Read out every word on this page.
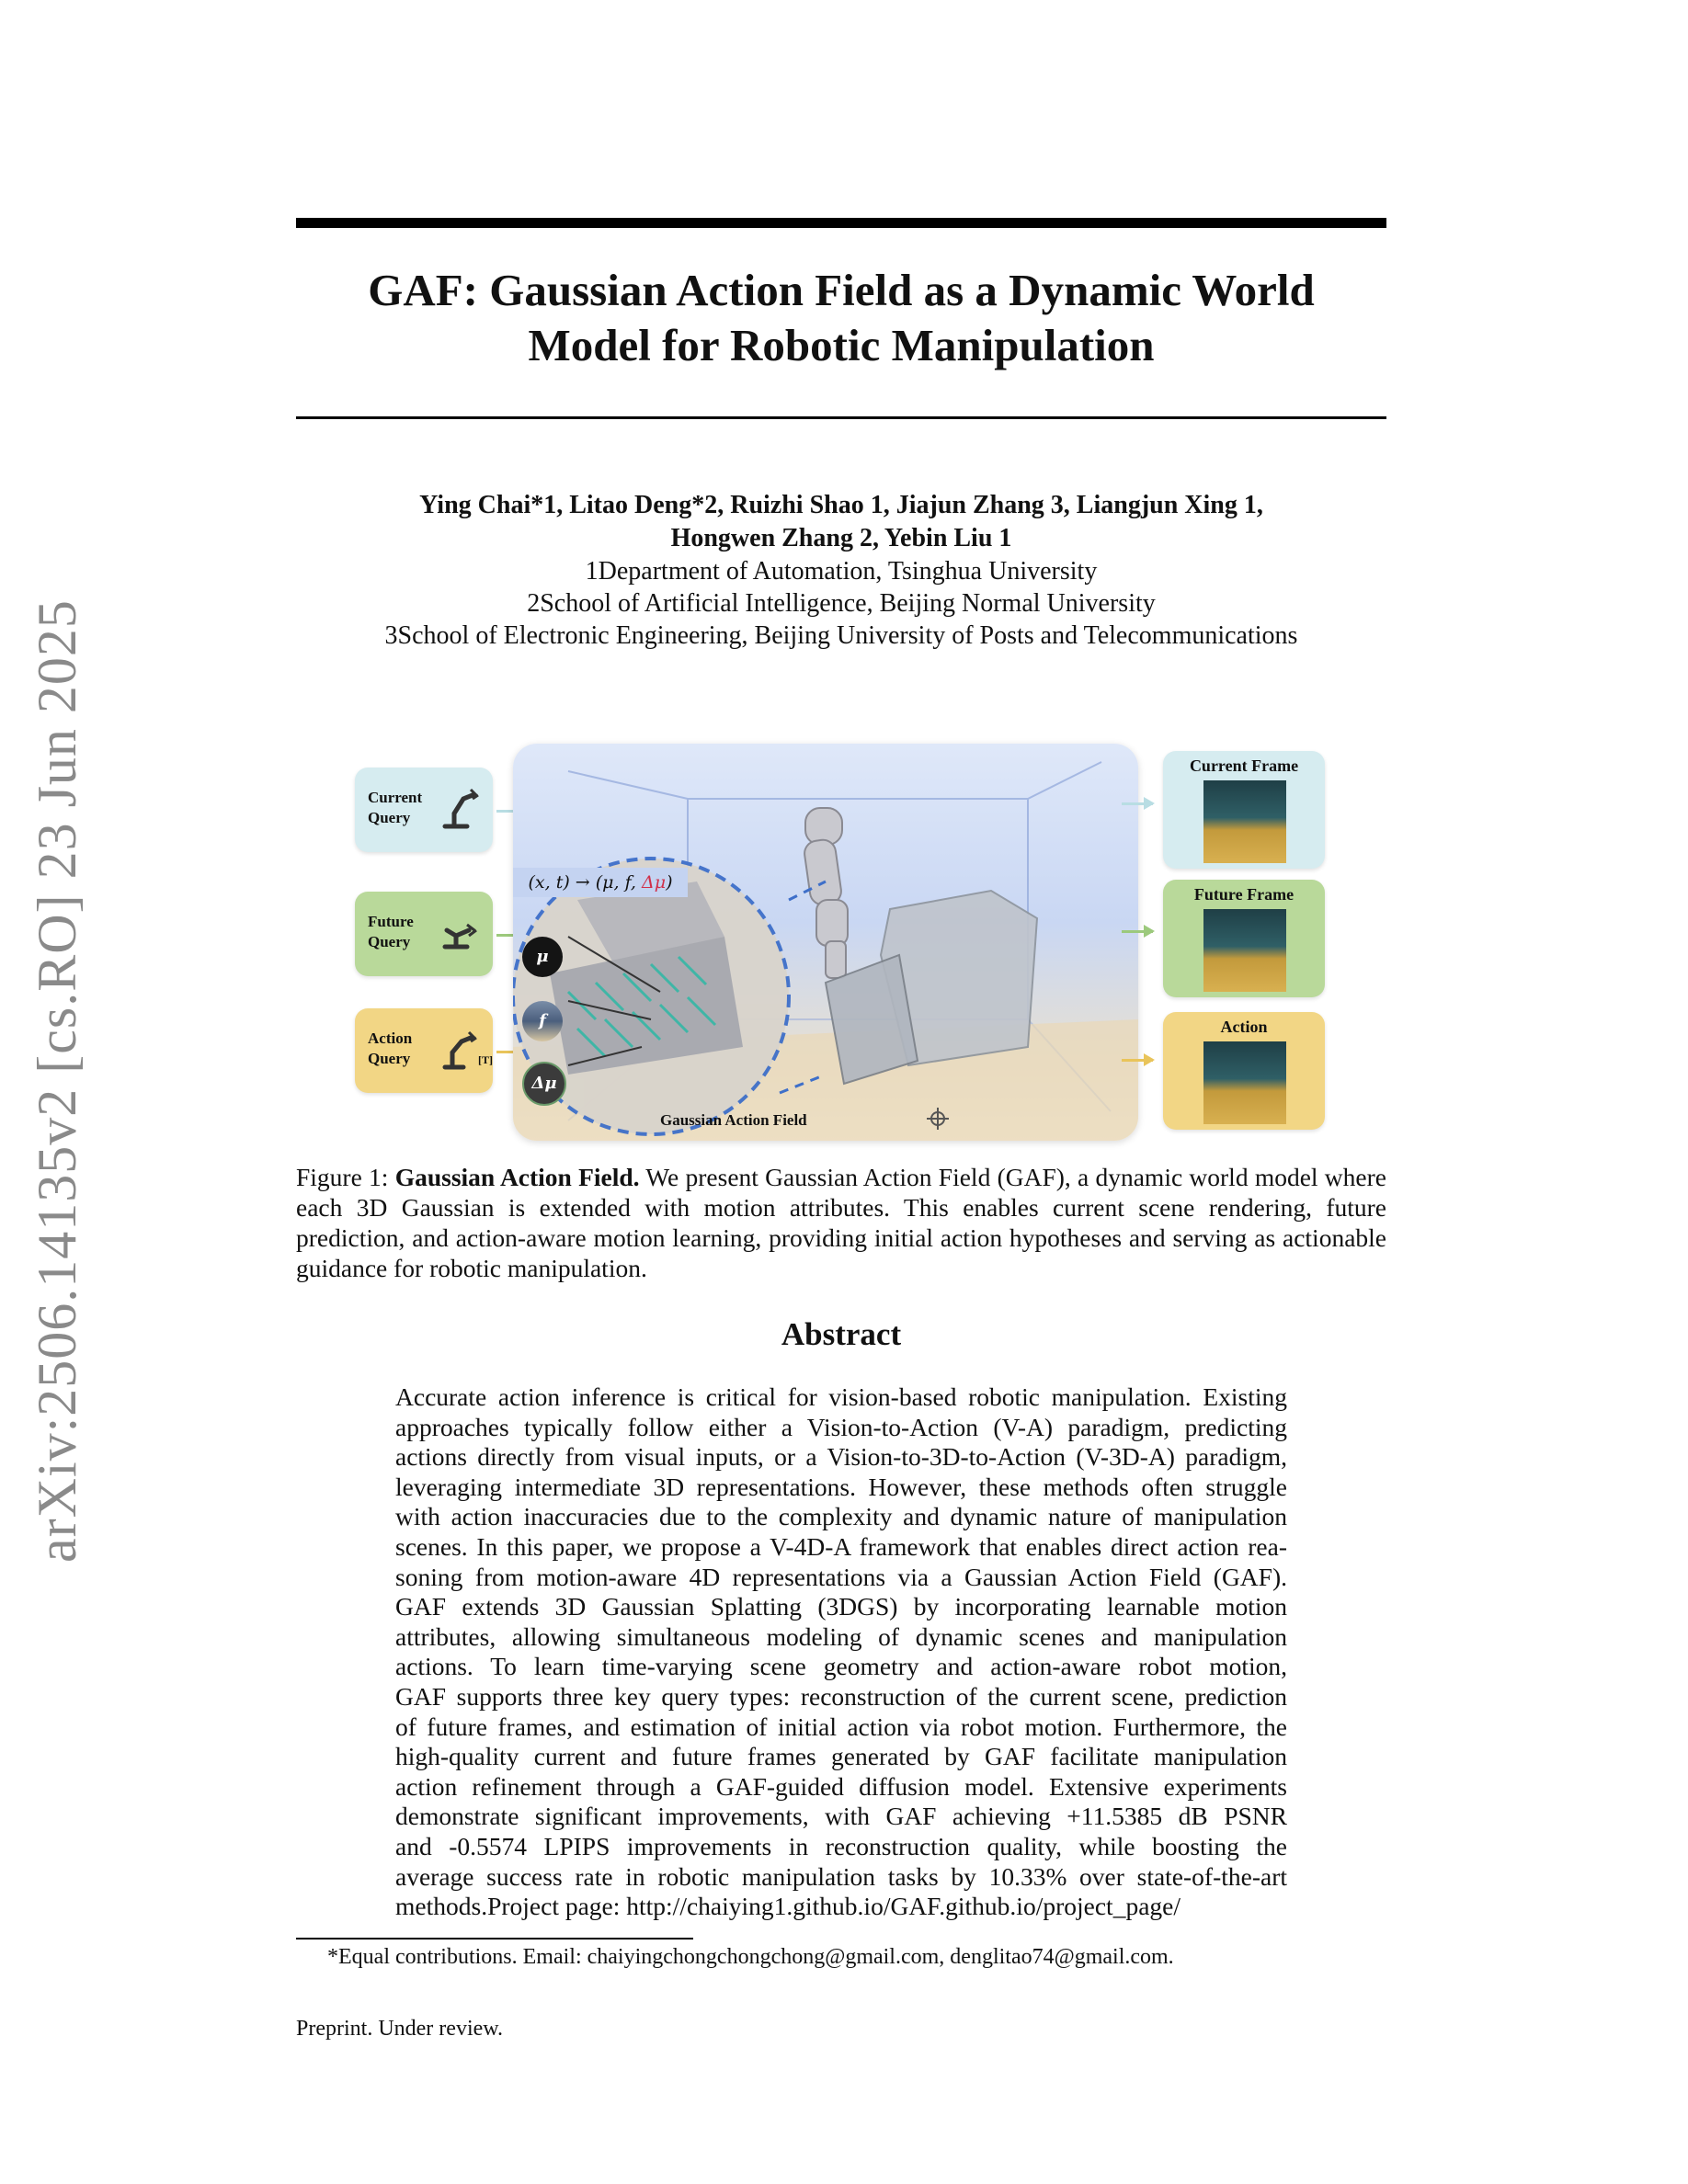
arXiv:2506.14135v2 [cs.RO] 23 Jun 2025
GAF: Gaussian Action Field as a Dynamic World
Model for Robotic Manipulation
Ying Chai*1, Litao Deng*2, Ruizhi Shao 1, Jiajun Zhang 3, Liangjun Xing 1,
Hongwen Zhang 2, Yebin Liu 1
1Department of Automation, Tsinghua University
2School of Artificial Intelligence, Beijing Normal University
3School of Electronic Engineering, Beijing University of Posts and Telecommunications
Current
Query
Future
Query
Action
Query	[T]
(x, t) → (μ, f, Δμ)
μ
f
Δμ
Gaussian Action Field
Current Frame
Future Frame
Action
Figure 1: Gaussian Action Field. We present Gaussian Action Field (GAF), a dynamic world model where each 3D Gaussian is extended with motion attributes. This enables current scene rendering, future prediction, and action-aware motion learning, providing initial action hypotheses and serving as actionable guidance for robotic manipulation.
Abstract
Accurate action inference is critical for vision-based robotic manipulation. Existing
approaches typically follow either a Vision-to-Action (V-A) paradigm, predicting
actions directly from visual inputs, or a Vision-to-3D-to-Action (V-3D-A) paradigm,
leveraging intermediate 3D representations. However, these methods often struggle
with action inaccuracies due to the complexity and dynamic nature of manipulation
scenes. In this paper, we propose a V-4D-A framework that enables direct action rea-
soning from motion-aware 4D representations via a Gaussian Action Field (GAF).
GAF extends 3D Gaussian Splatting (3DGS) by incorporating learnable motion
attributes, allowing simultaneous modeling of dynamic scenes and manipulation
actions. To learn time-varying scene geometry and action-aware robot motion,
GAF supports three key query types: reconstruction of the current scene, prediction
of future frames, and estimation of initial action via robot motion. Furthermore, the
high-quality current and future frames generated by GAF facilitate manipulation
action refinement through a GAF-guided diffusion model. Extensive experiments
demonstrate significant improvements, with GAF achieving +11.5385 dB PSNR
and -0.5574 LPIPS improvements in reconstruction quality, while boosting the
average success rate in robotic manipulation tasks by 10.33% over state-of-the-art
methods.Project page: http://chaiying1.github.io/GAF.github.io/project_page/
*Equal contributions. Email: chaiyingchongchongchong@gmail.com, denglitao74@gmail.com.
Preprint. Under review.
